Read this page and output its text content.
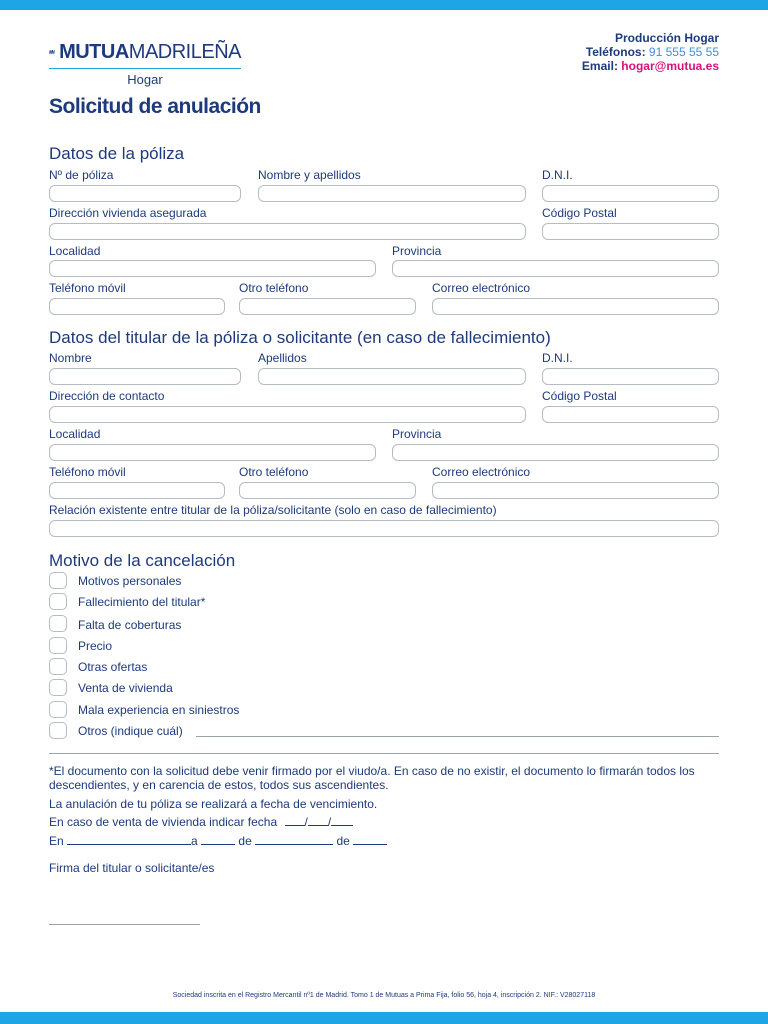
MUTUA MADRILEÑA
Hogar
Producción Hogar
Teléfonos: 91 555 55 55
Email: hogar@mutua.es
Solicitud de anulación
Datos de la póliza
Nº de póliza	Nombre y apellidos	D.N.I.
Dirección vivienda asegurada	Código Postal
Localidad	Provincia
Teléfono móvil	Otro teléfono	Correo electrónico
Datos del titular de la póliza o solicitante (en caso de fallecimiento)
Nombre	Apellidos	D.N.I.
Dirección de contacto	Código Postal
Localidad	Provincia
Teléfono móvil	Otro teléfono	Correo electrónico
Relación existente entre titular de la póliza/solicitante (solo en caso de fallecimiento)
Motivo de la cancelación
Motivos personales
Fallecimiento del titular*
Falta de coberturas
Precio
Otras ofertas
Venta de vivienda
Mala experiencia en siniestros
Otros (indique cuál)
*El documento con la solicitud debe venir firmado por el viudo/a. En caso de no existir, el documento lo firmarán todos los descendientes, y en carencia de estos, todos sus ascendientes.
La anulación de tu póliza se realizará a fecha de vencimiento.
En caso de venta de vivienda indicar fecha / /
En	a	de	de
Firma del titular o solicitante/es
Sociedad inscrita en el Registro Mercantil nº1 de Madrid. Tomo 1 de Mutuas a Prima Fija, folio 56, hoja 4, inscripción 2. NIF.: V28027118
